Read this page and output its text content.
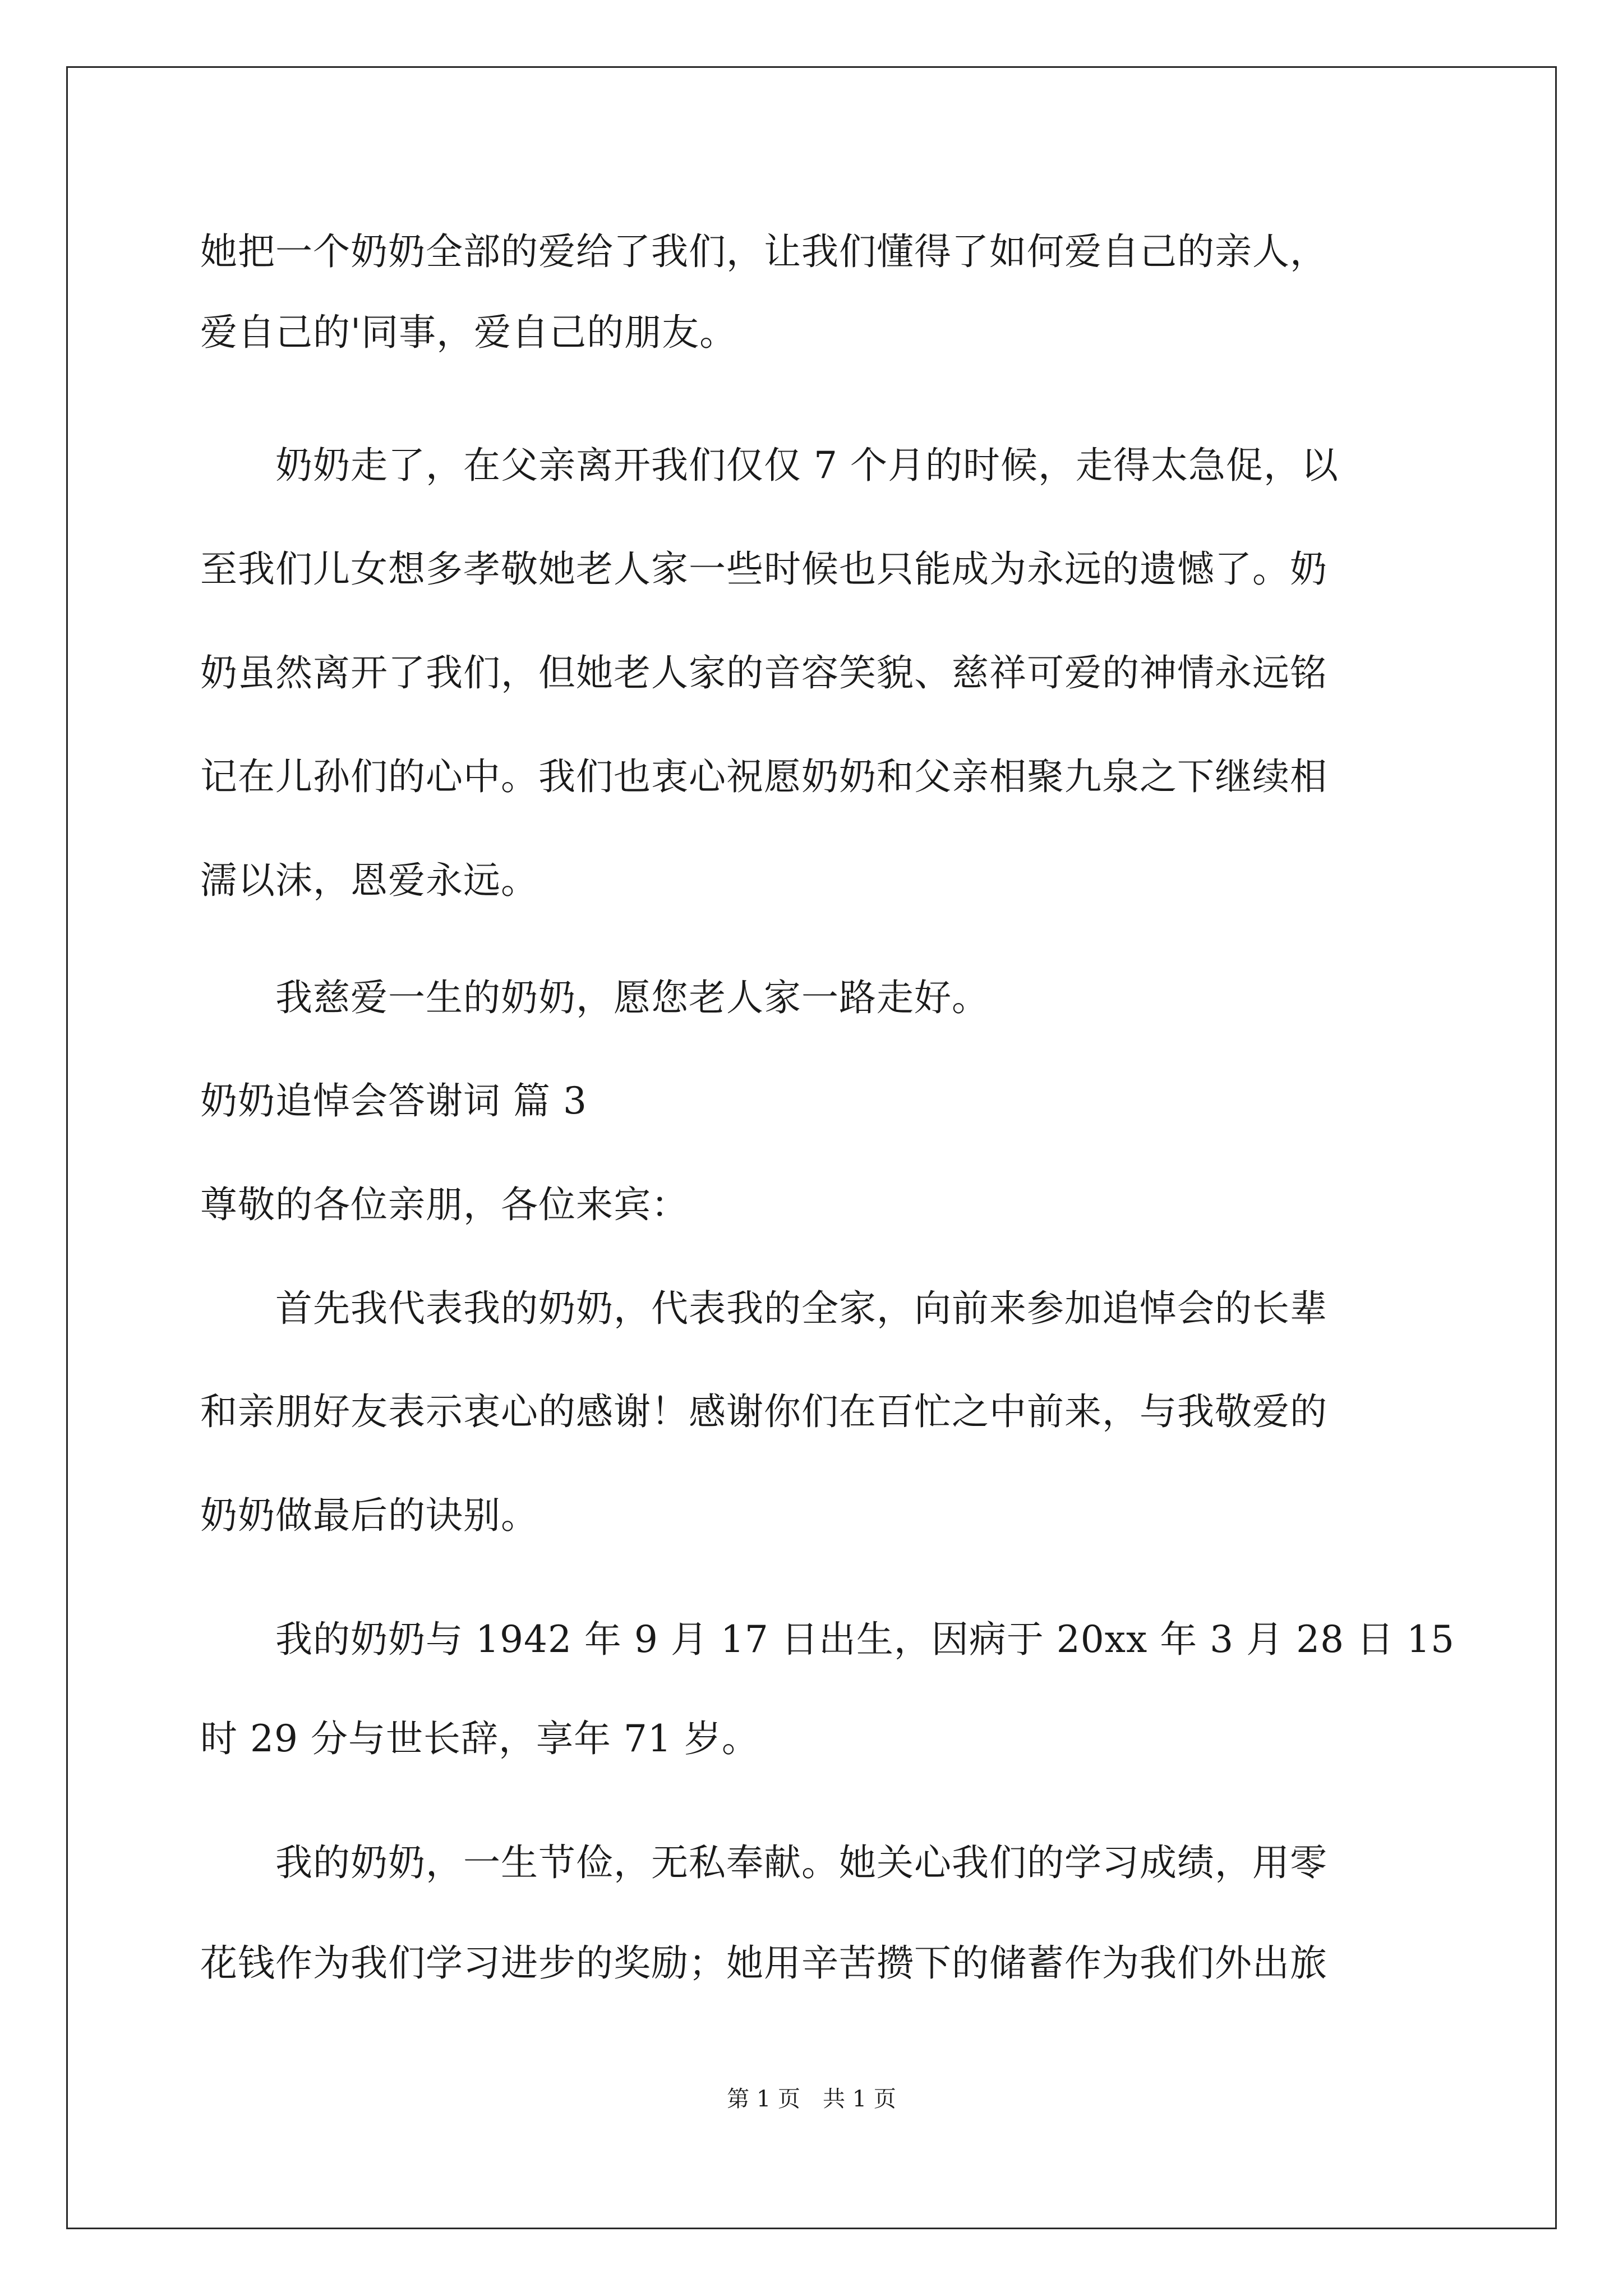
她把一个奶奶全部的爱给了我们，让我们懂得了如何爱自己的亲人，
爱自己的'同事，爱自己的朋友。
　　奶奶走了，在父亲离开我们仅仅 7 个月的时候，走得太急促，以
至我们儿女想多孝敬她老人家一些时候也只能成为永远的遗憾了。奶
奶虽然离开了我们，但她老人家的音容笑貌、慈祥可爱的神情永远铭
记在儿孙们的心中。我们也衷心祝愿奶奶和父亲相聚九泉之下继续相
濡以沫，恩爱永远。
　　我慈爱一生的奶奶，愿您老人家一路走好。
奶奶追悼会答谢词 篇 3
尊敬的各位亲朋，各位来宾：
　　首先我代表我的奶奶，代表我的全家，向前来参加追悼会的长辈
和亲朋好友表示衷心的感谢！感谢你们在百忙之中前来，与我敬爱的
奶奶做最后的诀别。
　　我的奶奶与 1942 年 9 月 17 日出生，因病于 20xx 年 3 月 28 日 15
时 29 分与世长辞，享年 71 岁。
　　我的奶奶，一生节俭，无私奉献。她关心我们的学习成绩，用零
花钱作为我们学习进步的奖励；她用辛苦攒下的储蓄作为我们外出旅
第 1 页　共 1 页
